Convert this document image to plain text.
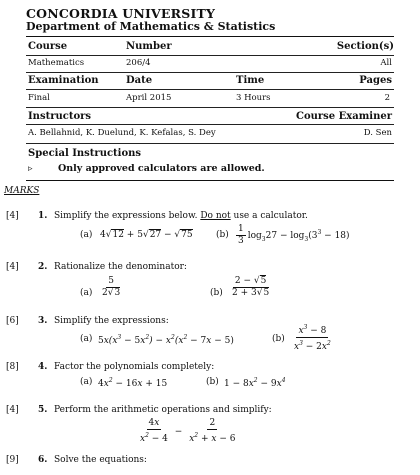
CONCORDIA UNIVERSITY
Department of Mathematics & Statistics
Course	Number	Section(s)
Mathematics	206/4	All
Examination	Date	Time	Pages
Final	April 2015	3 Hours	2
Instructors	Course Examiner
A. Bellahnid, K. Duelund, K. Kefalas, S. Dey	D. Sen
Special Instructions
▹	Only approved calculators are allowed.
MARKS
[4] 1. Simplify the expressions below. Do not use a calculator.
(a) 4√12 + 5√27 − √75	$(b) \frac{1}{3} \log_327 - \log_3(3^3 - 18)$
[4] 2. Rationalize the denominator:
$(a) \frac{5}{2√3}$	$(b) \frac{2 - √5}{2 + 3√5}$
[6] 3. Simplify the expressions:
(a) $5x(x^3 - 5x^2) - x^2(x^2 - 7x - 5)$	$(b) \frac{x^3 - 8}{x^3 - 2x^2}$
[8] 4. Factor the polynomials completely:
(a) $4x^2 - 16x + 15$	(b) $1 - 8x^2 - 9x^4$
[4] 5. Perform the arithmetic operations and simplify:
$\frac{4x}{x^2 - 4} - \frac{2}{x^2 + x - 6}$
[9] 6. Solve the equations:
